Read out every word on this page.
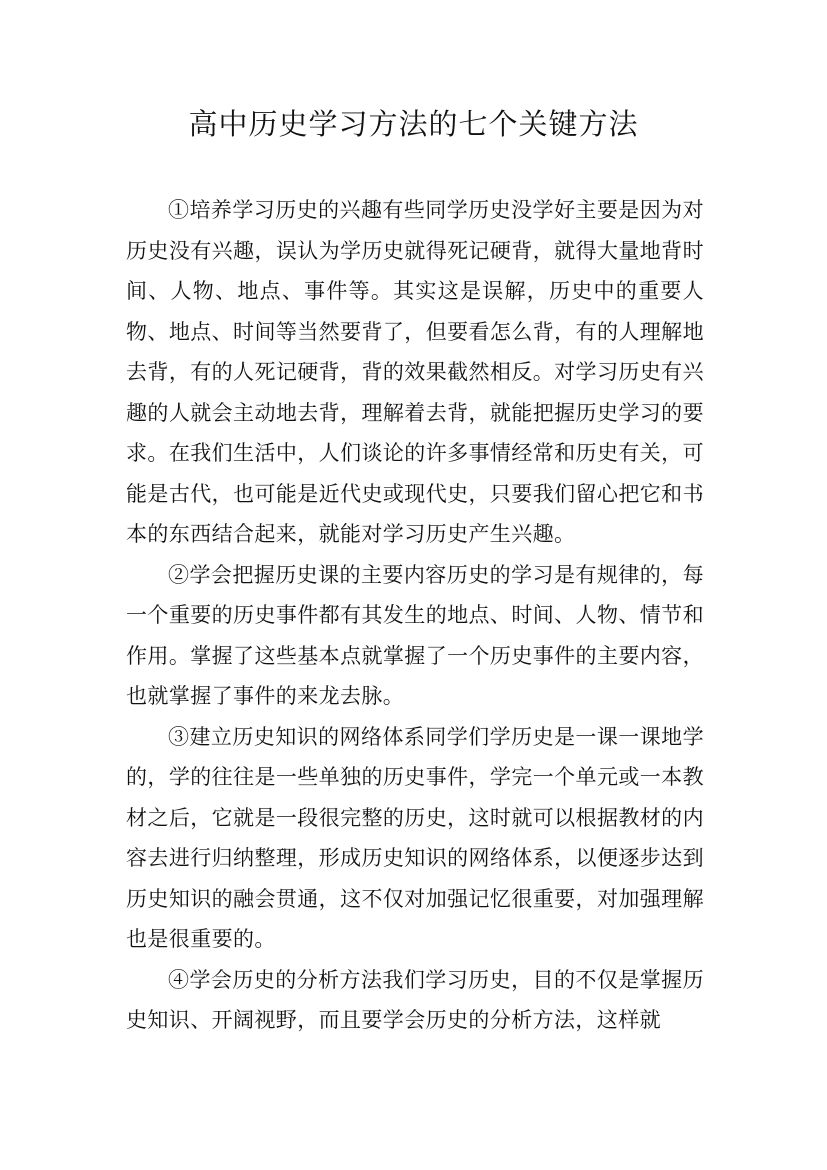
高中历史学习方法的七个关键方法

①培养学习历史的兴趣有些同学历史没学好主要是因为对历史没有兴趣，误认为学历史就得死记硬背，就得大量地背时间、人物、地点、事件等。其实这是误解，历史中的重要人物、地点、时间等当然要背了，但要看怎么背，有的人理解地去背，有的人死记硬背，背的效果截然相反。对学习历史有兴趣的人就会主动地去背，理解着去背，就能把握历史学习的要求。在我们生活中，人们谈论的许多事情经常和历史有关，可能是古代，也可能是近代史或现代史，只要我们留心把它和书本的东西结合起来，就能对学习历史产生兴趣。

②学会把握历史课的主要内容历史的学习是有规律的，每一个重要的历史事件都有其发生的地点、时间、人物、情节和作用。掌握了这些基本点就掌握了一个历史事件的主要内容，也就掌握了事件的来龙去脉。

③建立历史知识的网络体系同学们学历史是一课一课地学的，学的往往是一些单独的历史事件，学完一个单元或一本教材之后，它就是一段很完整的历史，这时就可以根据教材的内容去进行归纳整理，形成历史知识的网络体系，以便逐步达到历史知识的融会贯通，这不仅对加强记忆很重要，对加强理解也是很重要的。

④学会历史的分析方法我们学习历史，目的不仅是掌握历史知识、开阔视野，而且要学会历史的分析方法，这样就
